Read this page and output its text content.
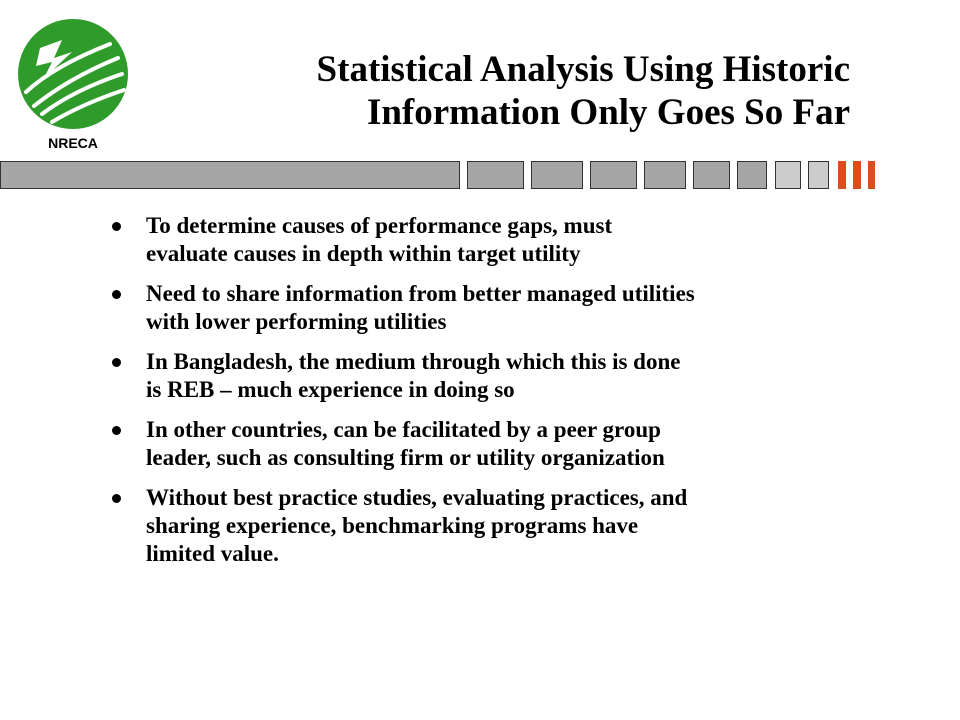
NRECA
Statistical Analysis Using Historic
Information Only Goes So Far
To determine causes of performance gaps, must
evaluate causes in depth within target utility
Need to share information from better managed utilities
with lower performing utilities
In Bangladesh, the medium through which this is done
is REB – much experience in doing so
In other countries, can be facilitated by a peer group
leader, such as consulting firm or utility organization
Without best practice studies, evaluating practices, and
sharing experience, benchmarking programs have
limited value.
